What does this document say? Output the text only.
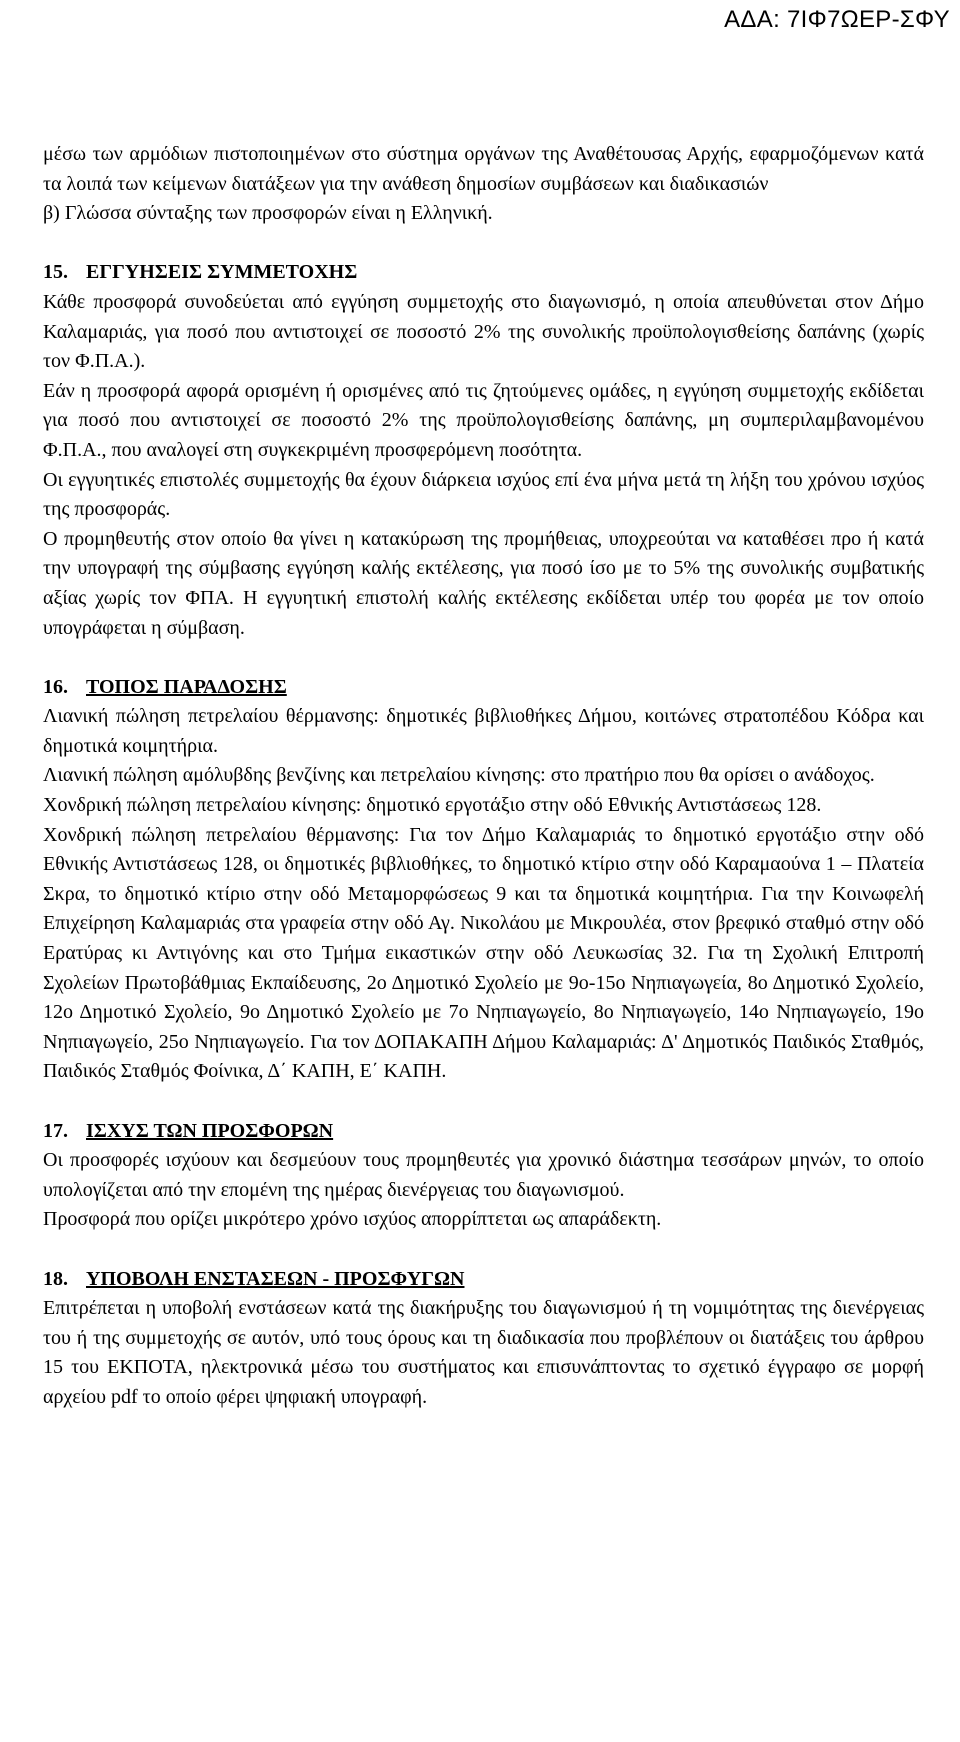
ΑΔΑ: 7ΙΦ7ΩΕΡ-ΣΦΥ

μέσω των αρμόδιων πιστοποιημένων στο σύστημα οργάνων της Αναθέτουσας Αρχής, εφαρμοζόμενων κατά τα λοιπά των κείμενων διατάξεων για την ανάθεση δημοσίων συμβάσεων και διαδικασιών

β) Γλώσσα σύνταξης των προσφορών είναι η Ελληνική.

15. ΕΓΓΥΗΣΕΙΣ ΣΥΜΜΕΤΟΧΗΣ

Κάθε προσφορά συνοδεύεται από εγγύηση συμμετοχής στο διαγωνισμό, η οποία απευθύνεται στον Δήμο Καλαμαριάς, για ποσό που αντιστοιχεί σε ποσοστό 2% της συνολικής προϋπολογισθείσης δαπάνης (χωρίς τον Φ.Π.Α.).

Εάν η προσφορά αφορά ορισμένη ή ορισμένες από τις ζητούμενες ομάδες, η εγγύηση συμμετοχής εκδίδεται για ποσό που αντιστοιχεί σε ποσοστό 2% της προϋπολογισθείσης δαπάνης, μη συμπεριλαμβανομένου Φ.Π.Α., που αναλογεί στη συγκεκριμένη προσφερόμενη ποσότητα.

Οι εγγυητικές επιστολές συμμετοχής θα έχουν διάρκεια ισχύος επί ένα μήνα μετά τη λήξη του χρόνου ισχύος της προσφοράς.

Ο προμηθευτής στον οποίο θα γίνει η κατακύρωση της προμήθειας, υποχρεούται να καταθέσει προ ή κατά την υπογραφή της σύμβασης εγγύηση καλής εκτέλεσης, για ποσό ίσο με το 5% της συνολικής συμβατικής αξίας χωρίς τον ΦΠΑ. Η εγγυητική επιστολή καλής εκτέλεσης εκδίδεται υπέρ του φορέα με τον οποίο υπογράφεται η σύμβαση.

16. ΤΟΠΟΣ ΠΑΡΑΔΟΣΗΣ

Λιανική πώληση πετρελαίου θέρμανσης: δημοτικές βιβλιοθήκες Δήμου, κοιτώνες στρατοπέδου Κόδρα και δημοτικά κοιμητήρια.

Λιανική πώληση αμόλυβδης βενζίνης και πετρελαίου κίνησης: στο πρατήριο που θα ορίσει ο ανάδοχος.

Χονδρική πώληση πετρελαίου κίνησης: δημοτικό εργοτάξιο στην οδό Εθνικής Αντιστάσεως 128.

Χονδρική πώληση πετρελαίου θέρμανσης: Για τον Δήμο Καλαμαριάς το δημοτικό εργοτάξιο στην οδό Εθνικής Αντιστάσεως 128, οι δημοτικές βιβλιοθήκες, το δημοτικό κτίριο στην οδό Καραμαούνα 1 – Πλατεία Σκρα, το δημοτικό κτίριο στην οδό Μεταμορφώσεως 9 και τα δημοτικά κοιμητήρια. Για την Κοινωφελή Επιχείρηση Καλαμαριάς στα γραφεία στην οδό Αγ. Νικολάου με Μικρουλέα, στον βρεφικό σταθμό στην οδό Ερατύρας κι Αντιγόνης και στο Τμήμα εικαστικών στην οδό Λευκωσίας 32. Για τη Σχολική Επιτροπή Σχολείων Πρωτοβάθμιας Εκπαίδευσης, 2ο Δημοτικό Σχολείο με 9ο-15ο Νηπιαγωγεία, 8ο Δημοτικό Σχολείο, 12ο Δημοτικό Σχολείο, 9ο Δημοτικό Σχολείο με 7ο Νηπιαγωγείο, 8ο Νηπιαγωγείο, 14ο Νηπιαγωγείο, 19ο Νηπιαγωγείο, 25ο Νηπιαγωγείο. Για τον ΔΟΠΑΚΑΠΗ Δήμου Καλαμαριάς: Δ' Δημοτικός Παιδικός Σταθμός, Παιδικός Σταθμός Φοίνικα, Δ΄ ΚΑΠΗ, Ε΄ ΚΑΠΗ.

17. ΙΣΧΥΣ ΤΩΝ ΠΡΟΣΦΟΡΩΝ

Οι προσφορές ισχύουν και δεσμεύουν τους προμηθευτές για χρονικό διάστημα τεσσάρων μηνών, το οποίο υπολογίζεται από την επομένη της ημέρας διενέργειας του διαγωνισμού.

Προσφορά που ορίζει μικρότερο χρόνο ισχύος απορρίπτεται ως απαράδεκτη.

18. ΥΠΟΒΟΛΗ ΕΝΣΤΑΣΕΩΝ - ΠΡΟΣΦΥΓΩΝ

Επιτρέπεται η υποβολή ενστάσεων κατά της διακήρυξης του διαγωνισμού ή τη νομιμότητας της διενέργειας του ή της συμμετοχής σε αυτόν, υπό τους όρους και τη διαδικασία που προβλέπουν οι διατάξεις του άρθρου 15 του ΕΚΠΟΤΑ, ηλεκτρονικά μέσω του συστήματος και επισυνάπτοντας το σχετικό έγγραφο σε μορφή αρχείου pdf το οποίο φέρει ψηφιακή υπογραφή.
